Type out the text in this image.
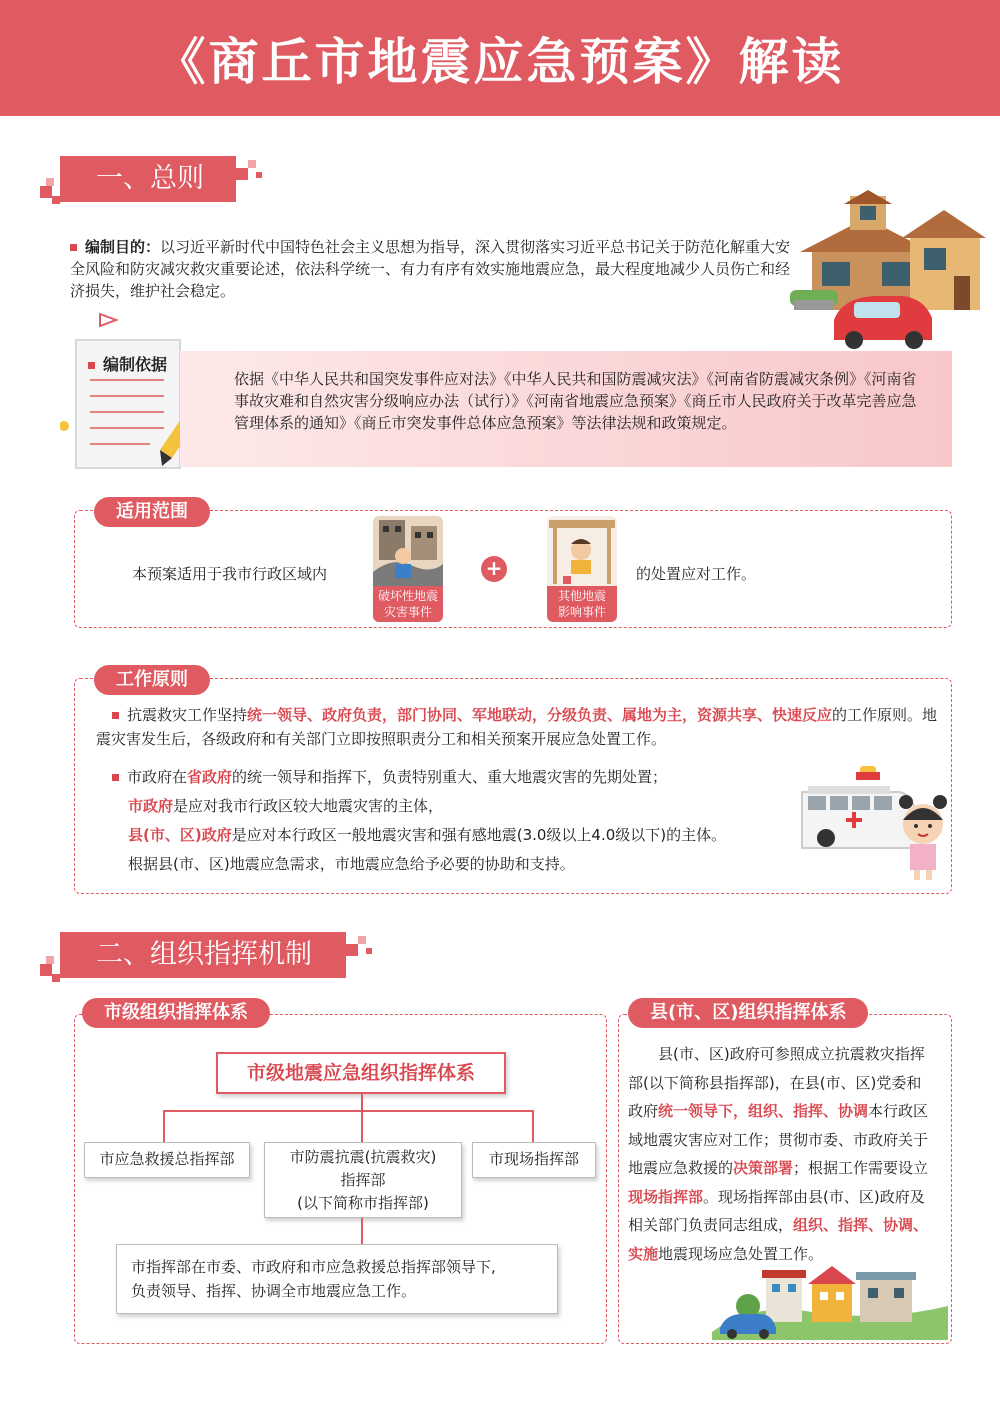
《商丘市地震应急预案》解读
一、总则
编制目的：以习近平新时代中国特色社会主义思想为指导，深入贯彻落实习近平总书记关于防范化解重大安全风险和防灾减灾救灾重要论述，依法科学统一、有力有序有效实施地震应急，最大程度地减少人员伤亡和经济损失，维护社会稳定。
编制依据
依据《中华人民共和国突发事件应对法》《中华人民共和国防震减灾法》《河南省防震减灾条例》《河南省事故灾难和自然灾害分级响应办法（试行）》《河南省地震应急预案》《商丘市人民政府关于改革完善应急管理体系的通知》《商丘市突发事件总体应急预案》等法律法规和政策规定。
适用范围
本预案适用于我市行政区域内
破坏性地震
灾害事件
+
其他地震
影响事件
的处置应对工作。
工作原则
抗震救灾工作坚持统一领导、政府负责，部门协同、军地联动，分级负责、属地为主，资源共享、快速反应的工作原则。地震灾害发生后，各级政府和有关部门立即按照职责分工和相关预案开展应急处置工作。
市政府在省政府的统一领导和指挥下，负责特别重大、重大地震灾害的先期处置；
市政府是应对我市行政区较大地震灾害的主体，
县(市、区)政府是应对本行政区一般地震灾害和强有感地震(3.0级以上4.0级以下)的主体。
根据县(市、区)地震应急需求，市地震应急给予必要的协助和支持。
二、组织指挥机制
市级组织指挥体系
市级地震应急组织指挥体系
市应急救援总指挥部	市防震抗震(抗震救灾)
指挥部
(以下简称市指挥部)
市现场指挥部
市指挥部在市委、市政府和市应急救援总指挥部领导下,
负责领导、指挥、协调全市地震应急工作。
县(市、区)组织指挥体系
县(市、区)政府可参照成立抗震救灾指挥部(以下简称县指挥部)，在县(市、区)党委和政府统一领导下，组织、指挥、协调本行政区域地震灾害应对工作；贯彻市委、市政府关于地震应急救援的决策部署；根据工作需要设立现场指挥部。现场指挥部由县(市、区)政府及相关部门负责同志组成，组织、指挥、协调、实施地震现场应急处置工作。
